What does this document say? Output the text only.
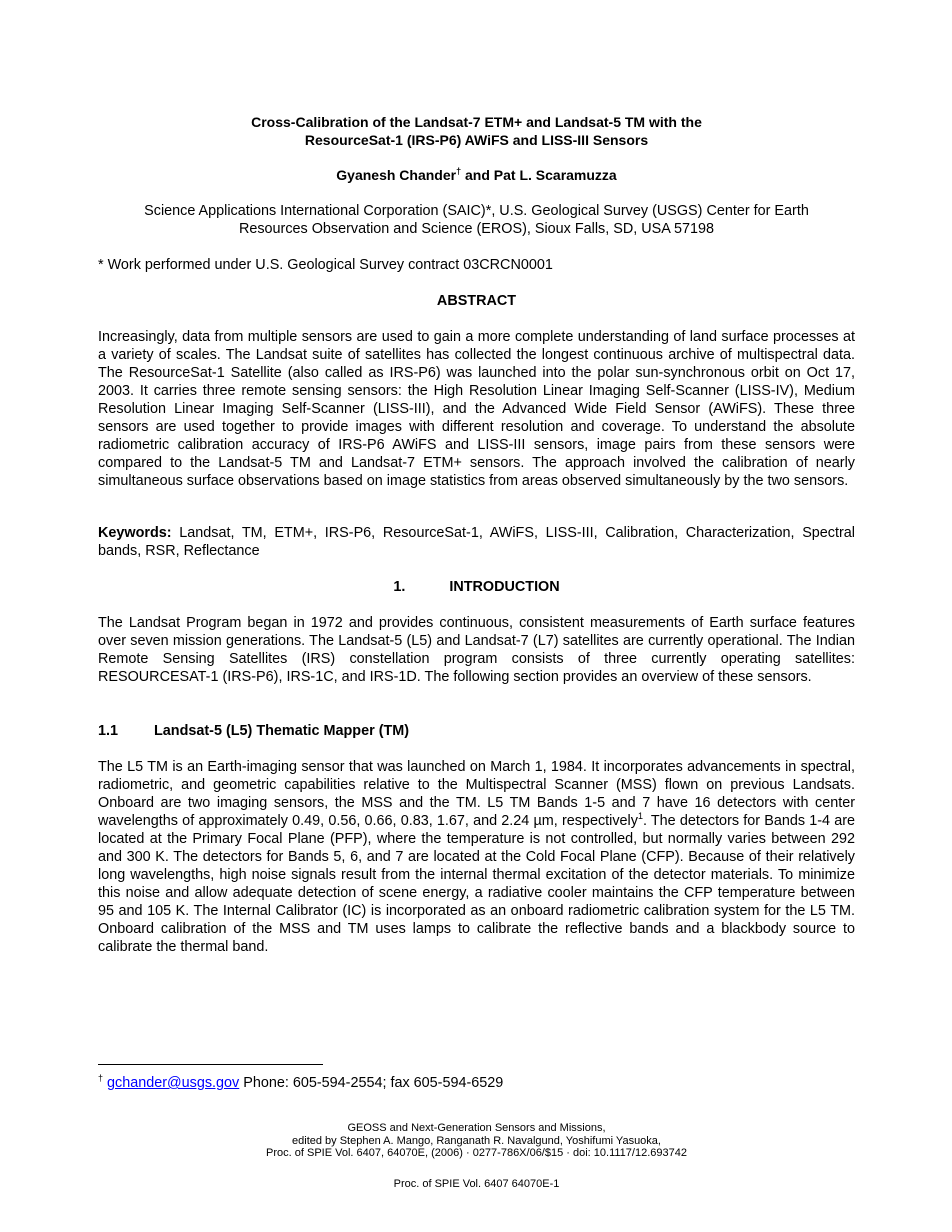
Cross-Calibration of the Landsat-7 ETM+ and Landsat-5 TM with the
ResourceSat-1 (IRS-P6) AWiFS and LISS-III Sensors
Gyanesh Chander† and Pat L. Scaramuzza
Science Applications International Corporation (SAIC)*, U.S. Geological Survey (USGS) Center for Earth
Resources Observation and Science (EROS), Sioux Falls, SD, USA 57198
* Work performed under U.S. Geological Survey contract 03CRCN0001
ABSTRACT
Increasingly, data from multiple sensors are used to gain a more complete understanding of land surface processes at a variety of scales. The Landsat suite of satellites has collected the longest continuous archive of multispectral data. The ResourceSat-1 Satellite (also called as IRS-P6) was launched into the polar sun-synchronous orbit on Oct 17, 2003. It carries three remote sensing sensors: the High Resolution Linear Imaging Self-Scanner (LISS-IV), Medium Resolution Linear Imaging Self-Scanner (LISS-III), and the Advanced Wide Field Sensor (AWiFS). These three sensors are used together to provide images with different resolution and coverage. To understand the absolute radiometric calibration accuracy of IRS-P6 AWiFS and LISS-III sensors, image pairs from these sensors were compared to the Landsat-5 TM and Landsat-7 ETM+ sensors. The approach involved the calibration of nearly simultaneous surface observations based on image statistics from areas observed simultaneously by the two sensors.
Keywords: Landsat, TM, ETM+, IRS-P6, ResourceSat-1, AWiFS, LISS-III, Calibration, Characterization, Spectral bands, RSR, Reflectance
1.	INTRODUCTION
The Landsat Program began in 1972 and provides continuous, consistent measurements of Earth surface features over seven mission generations. The Landsat-5 (L5) and Landsat-7 (L7) satellites are currently operational. The Indian Remote Sensing Satellites (IRS) constellation program consists of three currently operating satellites: RESOURCESAT-1 (IRS-P6), IRS-1C, and IRS-1D. The following section provides an overview of these sensors.
1.1 Landsat-5 (L5) Thematic Mapper (TM)
The L5 TM is an Earth-imaging sensor that was launched on March 1, 1984. It incorporates advancements in spectral, radiometric, and geometric capabilities relative to the Multispectral Scanner (MSS) flown on previous Landsats. Onboard are two imaging sensors, the MSS and the TM. L5 TM Bands 1-5 and 7 have 16 detectors with center wavelengths of approximately 0.49, 0.56, 0.66, 0.83, 1.67, and 2.24 µm, respectively$^1$. The detectors for Bands 1-4 are located at the Primary Focal Plane (PFP), where the temperature is not controlled, but normally varies between 292 and 300 K. The detectors for Bands 5, 6, and 7 are located at the Cold Focal Plane (CFP). Because of their relatively long wavelengths, high noise signals result from the internal thermal excitation of the detector materials. To minimize this noise and allow adequate detection of scene energy, a radiative cooler maintains the CFP temperature between 95 and 105 K. The Internal Calibrator (IC) is incorporated as an onboard radiometric calibration system for the L5 TM. Onboard calibration of the MSS and TM uses lamps to calibrate the reflective bands and a blackbody source to calibrate the thermal band.
† gchander@usgs.gov Phone: 605-594-2554; fax 605-594-6529
GEOSS and Next-Generation Sensors and Missions,
edited by Stephen A. Mango, Ranganath R. Navalgund, Yoshifumi Yasuoka,
Proc. of SPIE Vol. 6407, 64070E, (2006) · 0277-786X/06/$15 · doi: 10.1117/12.693742
Proc. of SPIE Vol. 6407 64070E-1
